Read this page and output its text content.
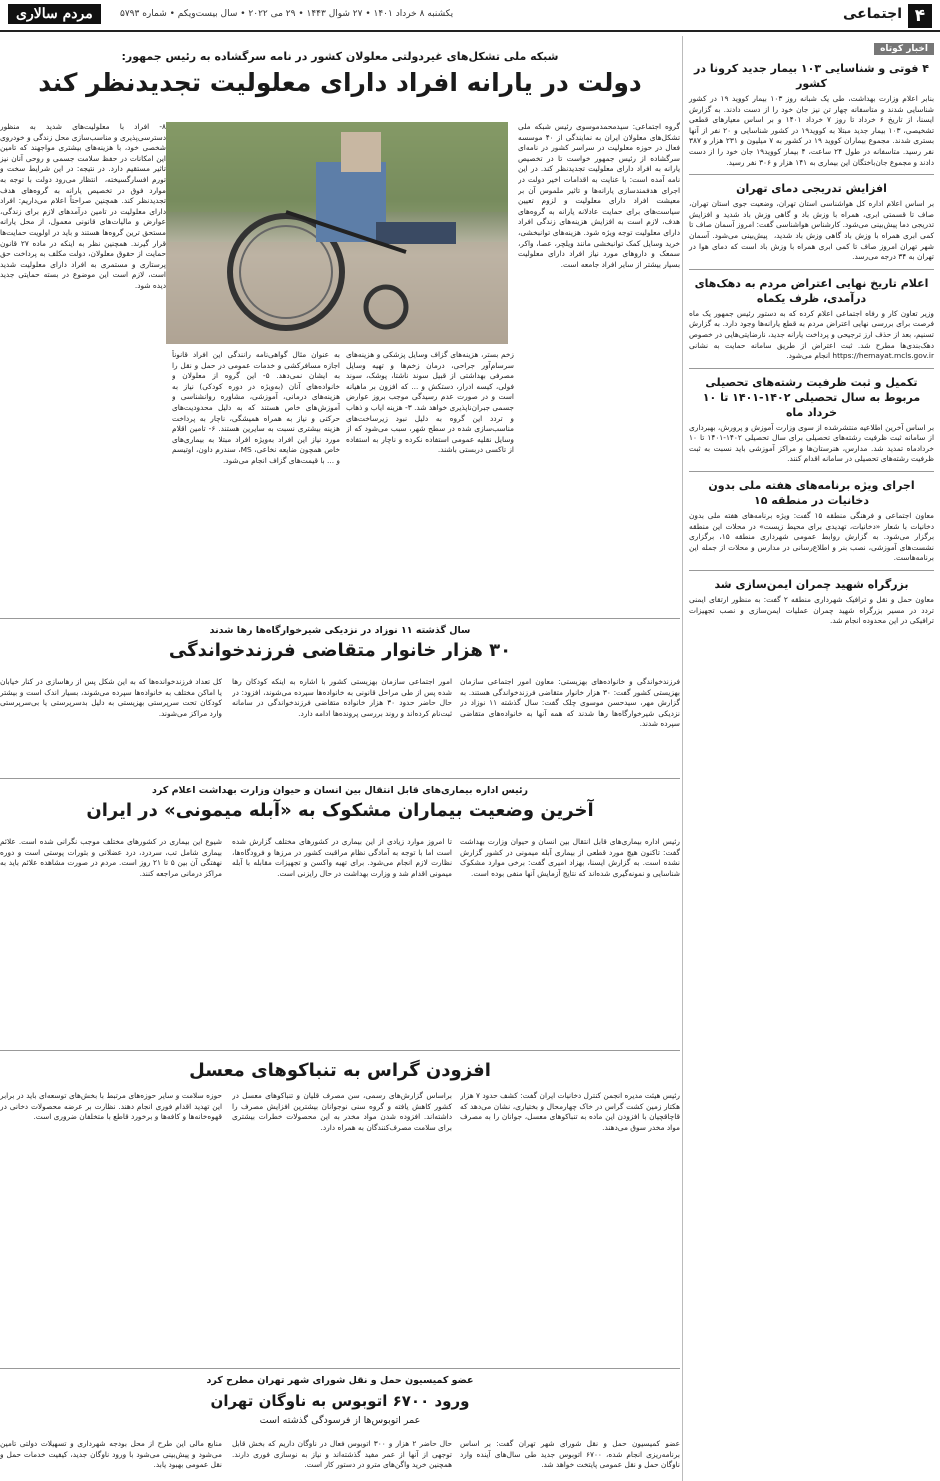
۴
اجتماعی
یکشنبه ۸ خرداد ۱۴۰۱ • ۲۷ شوال ۱۴۴۳ • ۲۹ می ۲۰۲۲ • سال بیست‌ویکم • شماره ۵۷۹۳
مردم سالاری
اخبار کوتاه
۴ فوتی و شناسایی ۱۰۳ بیمار جدید کرونا در کشور

بنابر اعلام وزارت بهداشت، طی یک شبانه روز ۱۰۳ بیمار کووید ۱۹ در کشور شناسایی شدند و متاسفانه چهار تن نیز جان خود را از دست دادند. به گزارش ایسنا، از تاریخ ۶ خرداد تا روز ۷ خرداد ۱۴۰۱ و بر اساس معیارهای قطعی تشخیصی، ۱۰۳ بیمار جدید مبتلا به کووید۱۹ در کشور شناسایی و ۲۰ نفر از آنها بستری شدند. مجموع بیماران کووید ۱۹ در کشور به ۷ میلیون و ۲۳۱ هزار و ۳۸۷ نفر رسید. متاسفانه در طول ۲۴ ساعت، ۴ بیمار کووید۱۹ جان خود را از دست دادند و مجموع جان‌باختگان این بیماری به ۱۴۱ هزار و ۳۰۶ نفر رسید.

افزایش تدریجی دمای تهران

بر اساس اعلام اداره کل هواشناسی استان تهران، وضعیت جوی استان تهران، صاف تا قسمتی ابری، همراه با وزش باد و گاهی وزش باد شدید و افزایش تدریجی دما پیش‌بینی می‌شود. کارشناس هواشناسی گفت: امروز آسمان صاف تا کمی ابری همراه با وزش باد گاهی وزش باد شدید، ‌ پیش‌بینی می‌شود. آسمان شهر تهران امروز صاف تا کمی ابری همراه با وزش باد است که دمای هوا در تهران به ۳۴ درجه می‌رسد.

اعلام تاریخ نهایی اعتراض مردم به دهک‌های درآمدی، ظرف یکماه

وزیر تعاون کار و رفاه اجتماعی اعلام کرده که به دستور رئیس جمهور یک ماه فرصت برای بررسی نهایی اعتراض مردم به قطع یارانه‌ها وجود دارد. به گزارش تسنیم، بعد از حذف ارز ترجیحی و پرداخت یارانه جدید، نارضایتی‌هایی در خصوص دهک‌بندی‌ها مطرح شد. ثبت اعتراض از طریق سامانه حمایت به نشانی https://hemayat.mcls.gov.ir انجام می‌شود.

تکمیل و ثبت ظرفیت رشته‌های تحصیلی مربوط به سال تحصیلی ۱۴۰۲-۱۴۰۱ تا ۱۰ خرداد ماه

بر اساس آخرین اطلاعیه منتشرشده از سوی وزارت آموزش و پرورش، بهبرداری از سامانه ثبت ظرفیت رشته‌های تحصیلی برای سال تحصیلی ۱۴۰۲-۱۴۰۱ تا ۱۰ خردادماه تمدید شد. مدارس، هنرستان‌ها و مراکز آموزشی باید نسبت به ثبت ظرفیت رشته‌های تحصیلی در سامانه اقدام کنند.

اجرای ویژه برنامه‌های هفته ملی بدون دخانیات در منطقه ۱۵

معاون اجتماعی و فرهنگی منطقه ۱۵ گفت: ویژه برنامه‌های هفته ملی بدون دخانیات با شعار «دخانیات، تهدیدی برای محیط زیست» در محلات این منطقه برگزار می‌شود. به گزارش روابط عمومی شهرداری منطقه ۱۵، برگزاری نشست‌های آموزشی، نصب بنر و اطلاع‌رسانی در مدارس و محلات از جمله این برنامه‌هاست.

بزرگراه شهید چمران ایمن‌سازی شد

معاون حمل و نقل و ترافیک شهرداری منطقه ۲ گفت: به منظور ارتقای ایمنی تردد در مسیر بزرگراه شهید چمران عملیات ایمن‌سازی و نصب تجهیزات ترافیکی در این محدوده انجام شد.

شبکه ملی تشکل‌های غیردولتی معلولان کشور در نامه سرگشاده به رئیس جمهور:
دولت در یارانه افراد دارای معلولیت تجدیدنظر کند

گروه اجتماعی: سیدمحمدموسوی رئیس شبکه ملی تشکل‌های معلولان ایران به نمایندگی از ۴۰ موسسه فعال در حوزه معلولیت در سراسر کشور در نامه‌ای سرگشاده از رئیس جمهور خواست تا در تخصیص یارانه به افراد دارای معلولیت تجدیدنظر کند. در این نامه آمده است: با عنایت به اقدامات اخیر دولت در اجرای هدفمندسازی یارانه‌ها و تاثیر ملموس آن بر معیشت افراد دارای معلولیت و لزوم تعیین سیاست‌های برای حمایت عادلانه یارانه به گروه‌های هدف، لازم است به افزایش هزینه‌های زندگی افراد دارای معلولیت توجه ویژه شود. هزینه‌های توانبخشی، خرید وسایل کمک توانبخشی مانند ویلچر، عصا، واکر، سمعک و داروهای مورد نیاز افراد دارای معلولیت بسیار بیشتر از سایر افراد جامعه است.

زخم بستر، هزینه‌های گزاف وسایل پزشکی و هزینه‌های سرسام‌آور جراحی، درمان زخم‌ها و تهیه وسایل مصرفی بهداشتی از قبیل سوند ناشتا، پوشک، سوند فولی، کیسه ادرار، دستکش و ... که افزون بر ماهیانه است و در صورت عدم رسیدگی موجب بروز عوارض جسمی جبران‌ناپذیری خواهد شد. ۳- هزینه ایاب و ذهاب و تردد این گروه به دلیل نبود زیرساخت‌های مناسب‌سازی شده در سطح شهر، سبب می‌شود که از وسایل نقلیه عمومی استفاده نکرده و ناچار به استفاده از تاکسی دربستی باشند.

به عنوان مثال گواهی‌نامه رانندگی این افراد قانوناً اجازه مسافرکشی و خدمات عمومی در حمل و نقل را به ایشان نمی‌دهد. ۵- این گروه از معلولان و خانواده‌های آنان (به‌ویژه در دوره کودکی) نیاز به هزینه‌های درمانی، آموزشی، مشاوره روانشناسی و آموزش‌های خاص هستند که به دلیل محدودیت‌های حرکتی و نیاز به همراه همیشگی، ناچار به پرداخت هزینه بیشتری نسبت به سایرین هستند. ۶- تامین اقلام مورد نیاز این افراد به‌ویژه افراد مبتلا به بیماری‌های خاص همچون ضایعه نخاعی، MS، سندرم داون، اوتیسم و ... با قیمت‌های گزاف انجام می‌شود.

۸- افراد با معلولیت‌های شدید به منظور دسترسی‌پذیری و مناسب‌سازی محل زندگی و خودروی شخصی خود، با هزینه‌های بیشتری مواجهند که تامین این امکانات در حفظ سلامت جسمی و روحی آنان نیز تاثیر مستقیم دارد. در نتیجه: در این شرایط سخت و تورم افسارگسیخته، ‌ انتظار می‌رود دولت با توجه به موارد فوق در تخصیص یارانه به گروه‌های هدف تجدیدنظر کند. همچنین صراحتاً اعلام می‌داریم: افراد دارای معلولیت در تامین درآمدهای لازم برای زندگی، عوارض و مالیات‌های قانونی معمول، از محل یارانه مستحق ترین گروه‌ها هستند و باید در اولویت حمایت‌ها قرار گیرند. همچنین نظر به اینکه در ماده ۲۷ قانون حمایت از حقوق معلولان، دولت مکلف به پرداخت حق پرستاری و مستمری به افراد دارای معلولیت شدید است، لازم است این موضوع در بسته حمایتی جدید دیده شود.

سال گذشته ۱۱ نوزاد در نزدیکی شیرخوارگاه‌ها رها شدند
۳۰ هزار خانوار متقاضی فرزندخواندگی

فرزندخواندگی و خانواده‌های بهزیستی: معاون امور اجتماعی سازمان بهزیستی کشور گفت: ۳۰ هزار خانوار متقاضی فرزندخواندگی هستند. به گزارش مهر، سیدحسن موسوی چلک گفت: سال گذشته ۱۱ نوزاد در نزدیکی شیرخوارگاه‌ها رها شدند که همه آنها به خانواده‌های متقاضی سپرده شدند.

امور اجتماعی سازمان بهزیستی کشور با اشاره به اینکه کودکان رها شده پس از طی مراحل قانونی به خانواده‌ها سپرده می‌شوند، افزود: در حال حاضر حدود ۳۰ هزار خانواده متقاضی فرزندخواندگی در سامانه ثبت‌نام کرده‌اند و روند بررسی پرونده‌ها ادامه دارد.

کل تعداد فرزندخوانده‌ها که به این شکل پس از رهاسازی در کنار خیابان یا اماکن مختلف به خانواده‌ها سپرده می‌شوند، بسیار اندک است و بیشتر کودکان تحت سرپرستی بهزیستی به دلیل بدسرپرستی یا بی‌سرپرستی وارد مراکز می‌شوند.

رئیس اداره بیماری‌های قابل انتقال بین انسان و حیوان وزارت بهداشت اعلام کرد
آخرین وضعیت بیماران مشکوک به «آبله میمونی» در ایران

رئیس اداره بیماری‌های قابل انتقال بین انسان و حیوان وزارت بهداشت گفت: تاکنون هیچ مورد قطعی از بیماری آبله میمونی در کشور گزارش نشده است. به گزارش ایسنا، بهزاد امیری گفت: برخی موارد مشکوک شناسایی و نمونه‌گیری شده‌اند که نتایج آزمایش آنها منفی بوده است.

تا امروز موارد زیادی از این بیماری در کشورهای مختلف گزارش شده است اما با توجه به آمادگی نظام مراقبت کشور در مرزها و فرودگاه‌ها، نظارت لازم انجام می‌شود. برای تهیه واکسن و تجهیزات مقابله با آبله میمونی اقدام شد و وزارت بهداشت در حال رایزنی است.

شیوع این بیماری در کشورهای مختلف موجب نگرانی شده است. علائم بیماری شامل تب، سردرد، درد عضلانی و بثورات پوستی است و دوره نهفتگی آن بین ۵ تا ۲۱ روز است. مردم در صورت مشاهده علائم باید به مراکز درمانی مراجعه کنند.

افزودن گراس به تنباکوهای معسل

رئیس هیئت مدیره انجمن کنترل دخانیات ایران گفت: کشف حدود ۷ هزار هکتار زمین کشت گراس در خاک چهارمحال و بختیاری، نشان می‌دهد که قاچاقچیان با افزودن این ماده به تنباکوهای معسل، جوانان را به مصرف مواد مخدر سوق می‌دهند.

براساس گزارش‌های رسمی، سن مصرف قلیان و تنباکوهای معسل در کشور کاهش یافته و گروه سنی نوجوانان بیشترین افزایش مصرف را داشته‌اند. افزوده شدن مواد مخدر به این محصولات خطرات بیشتری برای سلامت مصرف‌کنندگان به همراه دارد.

حوزه سلامت و سایر حوزه‌های مرتبط با بخش‌های توسعه‌ای باید در برابر این تهدید اقدام فوری انجام دهند. نظارت بر عرضه محصولات دخانی در قهوه‌خانه‌ها و کافه‌ها و برخورد قاطع با متخلفان ضروری است.

عضو کمیسیون حمل و نقل شورای شهر تهران مطرح کرد
ورود ۶۷۰۰ اتوبوس به ناوگان تهران
عمر اتوبوس‌ها از فرسودگی گذشته است

عضو کمیسیون حمل و نقل شورای شهر تهران گفت: بر اساس برنامه‌ریزی انجام شده، ۶۷۰۰ اتوبوس جدید طی سال‌های آینده وارد ناوگان حمل و نقل عمومی پایتخت خواهد شد.

حال حاضر ۲ هزار و ۳۰۰ اتوبوس فعال در ناوگان داریم که بخش قابل توجهی از آنها از عمر مفید گذشته‌اند و نیاز به نوسازی فوری دارند. همچنین خرید واگن‌های مترو در دستور کار است.

منابع مالی این طرح از محل بودجه شهرداری و تسهیلات دولتی تامین می‌شود و پیش‌بینی می‌شود با ورود ناوگان جدید، کیفیت خدمات حمل و نقل عمومی بهبود یابد.
